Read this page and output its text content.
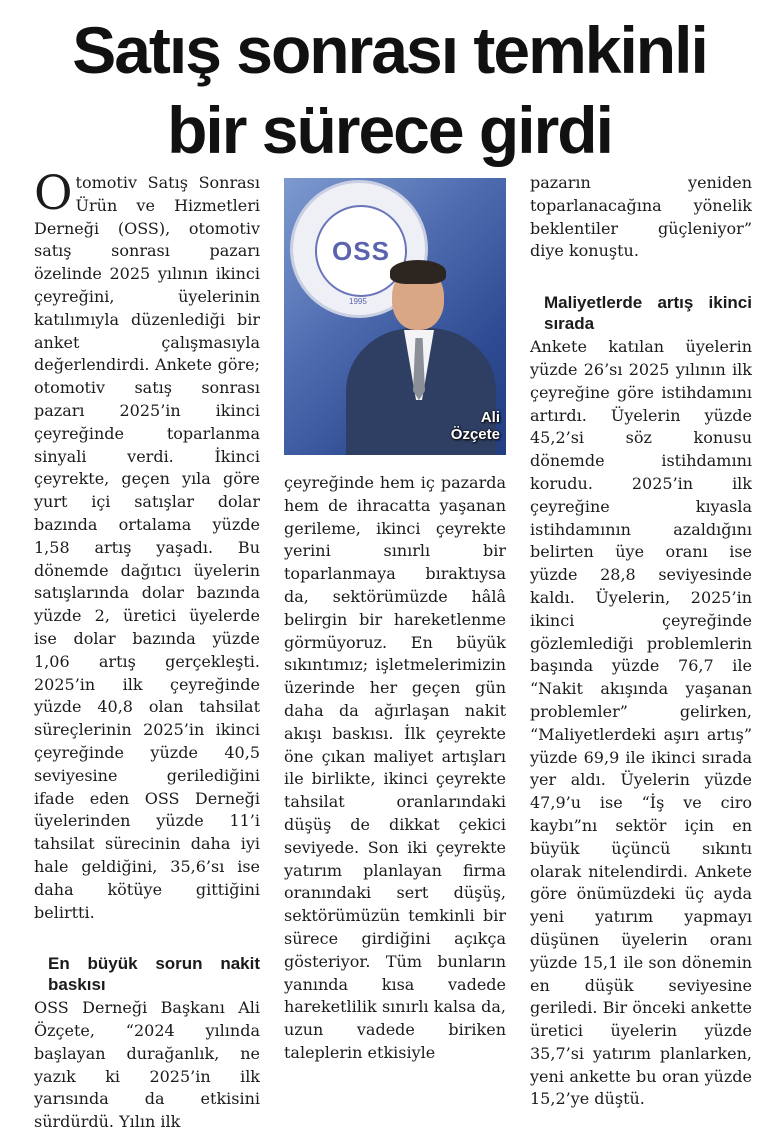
Satış sonrası temkinli
bir sürece girdi

Otomotiv Satış Sonrası Ürün ve Hizmetleri Derneği (OSS), otomotiv satış sonrası pazarı özelinde 2025 yılının ikinci çeyreğini, üyelerinin katılımıyla düzenlediği bir anket çalışmasıyla değerlendirdi. Ankete göre; otomotiv satış sonrası pazarı 2025’in ikinci çeyreğinde toparlanma sinyali verdi. İkinci çeyrekte, geçen yıla göre yurt içi satışlar dolar bazında ortalama yüzde 1,58 artış yaşadı. Bu dönemde dağıtıcı üyelerin satışlarında dolar bazında yüzde 2, üretici üyelerde ise dolar bazında yüzde 1,06 artış gerçekleşti. 2025’in ilk çeyreğinde yüzde 40,8 olan tahsilat süreçlerinin 2025’in ikinci çeyreğinde yüzde 40,5 seviyesine gerilediğini ifade eden OSS Derneği üyelerinden yüzde 11’i tahsilat sürecinin daha iyi hale geldiğini, 35,6’sı ise daha kötüye gittiğini belirtti.

En büyük sorun nakit baskısı

OSS Derneği Başkanı Ali Özçete, “2024 yılında başlayan durağanlık, ne yazık ki 2025’in ilk yarısında da etkisini sürdürdü. Yılın ilk

OSS
1995
Ali
Özçete

çeyreğinde hem iç pazarda hem de ihracatta yaşanan gerileme, ikinci çeyrekte yerini sınırlı bir toparlanmaya bıraktıysa da, sektörümüzde hâlâ belirgin bir hareketlenme görmüyoruz. En büyük sıkıntımız; işletmelerimizin üzerinde her geçen gün daha da ağırlaşan nakit akışı baskısı. İlk çeyrekte öne çıkan maliyet artışları ile birlikte, ikinci çeyrekte tahsilat oranlarındaki düşüş de dikkat çekici seviyede. Son iki çeyrekte yatırım planlayan firma oranındaki sert düşüş, sektörümüzün temkinli bir sürece girdiğini açıkça gösteriyor. Tüm bunların yanında kısa vadede hareketlilik sınırlı kalsa da, uzun vadede biriken taleplerin etkisiyle

pazarın yeniden toparlanacağına yönelik beklentiler güçleniyor” diye konuştu.

Maliyetlerde artış ikinci sırada

Ankete katılan üyelerin yüzde 26’sı 2025 yılının ilk çeyreğine göre istihdamını artırdı. Üyelerin yüzde 45,2’si söz konusu dönemde istihdamını korudu. 2025’in ilk çeyreğine kıyasla istihdamının azaldığını belirten üye oranı ise yüzde 28,8 seviyesinde kaldı. Üyelerin, 2025’in ikinci çeyreğinde gözlemlediği problemlerin başında yüzde 76,7 ile “Nakit akışında yaşanan problemler” gelirken, “Maliyetlerdeki aşırı artış” yüzde 69,9 ile ikinci sırada yer aldı. Üyelerin yüzde 47,9’u ise “İş ve ciro kaybı”nı sektör için en büyük üçüncü sıkıntı olarak nitelendirdi. Ankete göre önümüzdeki üç ayda yeni yatırım yapmayı düşünen üyelerin oranı yüzde 15,1 ile son dönemin en düşük seviyesine geriledi. Bir önceki ankette üretici üyelerin yüzde 35,7’si yatırım planlarken, yeni ankette bu oran yüzde 15,2’ye düştü.
